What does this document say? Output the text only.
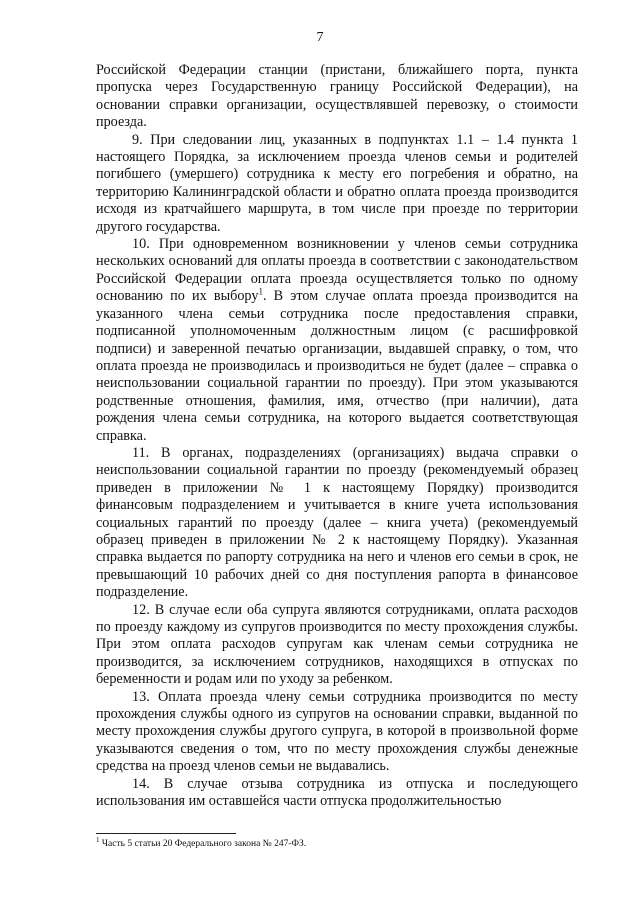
7

Российской Федерации станции (пристани, ближайшего порта, пункта пропуска через Государственную границу Российской Федерации), на основании справки организации, осуществлявшей перевозку, о стоимости проезда.

9. При следовании лиц, указанных в подпунктах 1.1 – 1.4 пункта 1 настоящего Порядка, за исключением проезда членов семьи и родителей погибшего (умершего) сотрудника к месту его погребения и обратно, на территорию Калининградской области и обратно оплата проезда производится исходя из кратчайшего маршрута, в том числе при проезде по территории другого государства.

10. При одновременном возникновении у членов семьи сотрудника нескольких оснований для оплаты проезда в соответствии с законодательством Российской Федерации оплата проезда осуществляется только по одному основанию по их выбору$^1$. В этом случае оплата проезда производится на указанного члена семьи сотрудника после предоставления справки, подписанной уполномоченным должностным лицом (с расшифровкой подписи) и заверенной печатью организации, выдавшей справку, о том, что оплата проезда не производилась и производиться не будет (далее – справка о неиспользовании социальной гарантии по проезду). При этом указываются родственные отношения, фамилия, имя, отчество (при наличии), дата рождения члена семьи сотрудника, на которого выдается соответствующая справка.

11. В органах, подразделениях (организациях) выдача справки о неиспользовании социальной гарантии по проезду (рекомендуемый образец приведен в приложении № 1 к настоящему Порядку) производится финансовым подразделением и учитывается в книге учета использования социальных гарантий по проезду (далее – книга учета) (рекомендуемый образец приведен в приложении № 2 к настоящему Порядку). Указанная справка выдается по рапорту сотрудника на него и членов его семьи в срок, не превышающий 10 рабочих дней со дня поступления рапорта в финансовое подразделение.

12. В случае если оба супруга являются сотрудниками, оплата расходов по проезду каждому из супругов производится по месту прохождения службы. При этом оплата расходов супругам как членам семьи сотрудника не производится, за исключением сотрудников, находящихся в отпусках по беременности и родам или по уходу за ребенком.

13. Оплата проезда члену семьи сотрудника производится по месту прохождения службы одного из супругов на основании справки, выданной по месту прохождения службы другого супруга, в которой в произвольной форме указываются сведения о том, что по месту прохождения службы денежные средства на проезд членов семьи не выдавались.

14. В случае отзыва сотрудника из отпуска и последующего использования им оставшейся части отпуска продолжительностью

$^1$ Часть 5 статьи 20 Федерального закона № 247-ФЗ.
